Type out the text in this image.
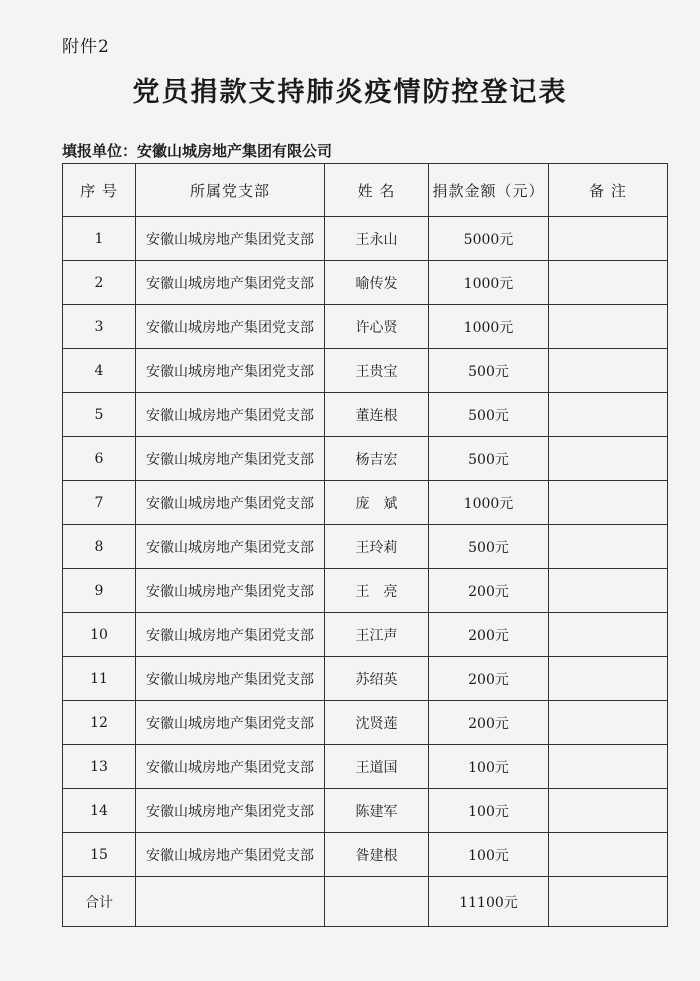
附件2
党员捐款支持肺炎疫情防控登记表
填报单位：安徽山城房地产集团有限公司
序 号	所属党支部	姓 名	捐款金额（元）	备 注
1	安徽山城房地产集团党支部	王永山	5000元	
2	安徽山城房地产集团党支部	喻传发	1000元	
3	安徽山城房地产集团党支部	许心贤	1000元	
4	安徽山城房地产集团党支部	王贵宝	500元	
5	安徽山城房地产集团党支部	董连根	500元	
6	安徽山城房地产集团党支部	杨吉宏	500元	
7	安徽山城房地产集团党支部	庞　斌	1000元	
8	安徽山城房地产集团党支部	王玲莉	500元	
9	安徽山城房地产集团党支部	王　亮	200元	
10	安徽山城房地产集团党支部	王江声	200元	
11	安徽山城房地产集团党支部	苏绍英	200元	
12	安徽山城房地产集团党支部	沈贤莲	200元	
13	安徽山城房地产集团党支部	王道国	100元	
14	安徽山城房地产集团党支部	陈建军	100元	
15	安徽山城房地产集团党支部	昝建根	100元	
合计			11100元	
